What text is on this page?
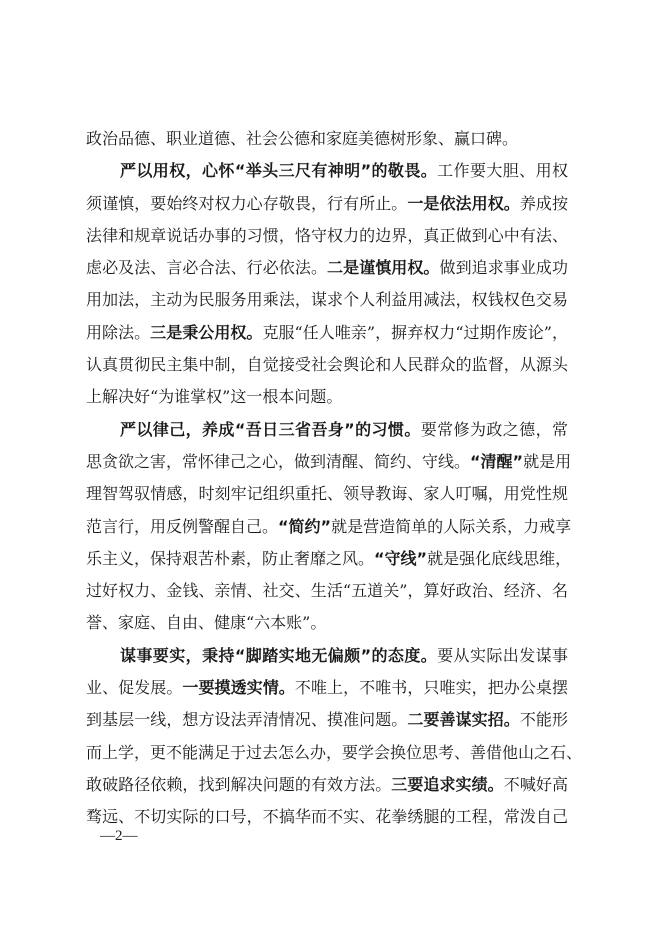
政治品德、职业道德、社会公德和家庭美德树形象、赢口碑。
严以用权，心怀“举头三尺有神明”的敬畏。工作要大胆、用权
须谨慎，要始终对权力心存敬畏，行有所止。一是依法用权。养成按
法律和规章说话办事的习惯，恪守权力的边界，真正做到心中有法、
虑必及法、言必合法、行必依法。二是谨慎用权。做到追求事业成功
用加法，主动为民服务用乘法，谋求个人利益用减法，权钱权色交易
用除法。三是秉公用权。克服“任人唯亲”，摒弃权力“过期作废论”，
认真贯彻民主集中制，自觉接受社会舆论和人民群众的监督，从源头
上解决好“为谁掌权”这一根本问题。
严以律己，养成“吾日三省吾身”的习惯。要常修为政之德，常
思贪欲之害，常怀律己之心，做到清醒、简约、守线。“清醒”就是用
理智驾驭情感，时刻牢记组织重托、领导教诲、家人叮嘱，用党性规
范言行，用反例警醒自己。“简约”就是营造简单的人际关系，力戒享
乐主义，保持艰苦朴素，防止奢靡之风。“守线”就是强化底线思维，
过好权力、金钱、亲情、社交、生活“五道关”，算好政治、经济、名
誉、家庭、自由、健康“六本账”。
谋事要实，秉持“脚踏实地无偏颇”的态度。要从实际出发谋事
业、促发展。一要摸透实情。不唯上，不唯书，只唯实，把办公桌摆
到基层一线，想方设法弄清情况、摸准问题。二要善谋实招。不能形
而上学，更不能满足于过去怎么办，要学会换位思考、善借他山之石、
敢破路径依赖，找到解决问题的有效方法。三要追求实绩。不喊好高
骛远、不切实际的口号，不搞华而不实、花拳绣腿的工程，常泼自己
—2—
